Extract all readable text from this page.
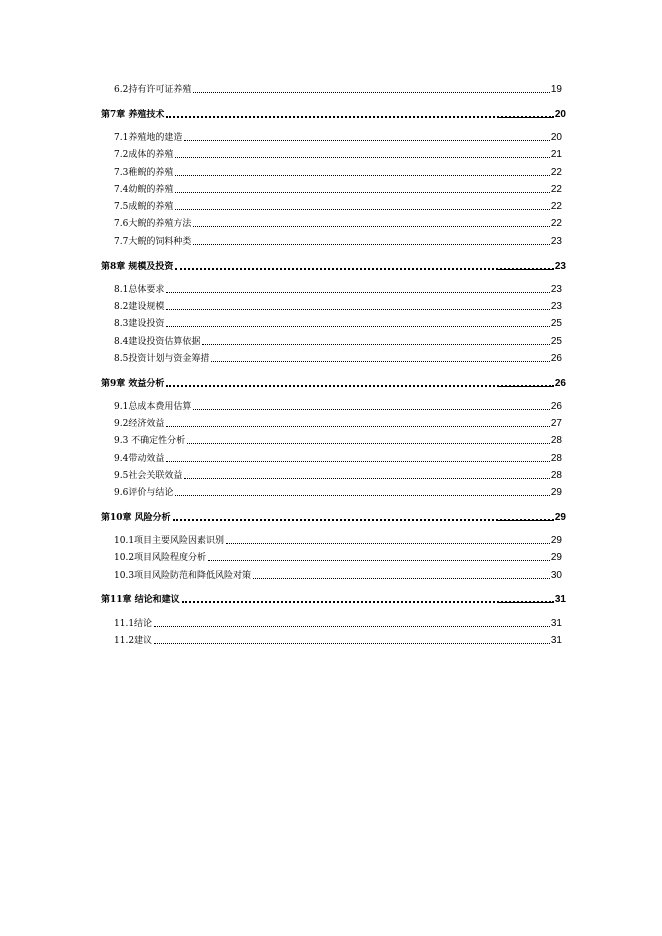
6.2持有许可证养殖	19
第7章 养殖技术	20
7.1养殖地的建造	20
7.2成体的养殖	21
7.3稚鲵的养殖	22
7.4幼鲵的养殖	22
7.5成鲵的养殖	22
7.6大鲵的养殖方法	22
7.7大鲵的饲料种类	23
第8章 规模及投资	23
8.1总体要求	23
8.2建设规模	23
8.3建设投资	25
8.4建设投资估算依据	25
8.5投资计划与资金筹措	26
第9章 效益分析	26
9.1总成本费用估算	26
9.2经济效益	27
9.3 不确定性分析	28
9.4带动效益	28
9.5社会关联效益	28
9.6评价与结论	29
第10章 风险分析	29
10.1项目主要风险因素识别	29
10.2项目风险程度分析	29
10.3项目风险防范和降低风险对策	30
第11章 结论和建议	31
11.1结论	31
11.2建议	31
